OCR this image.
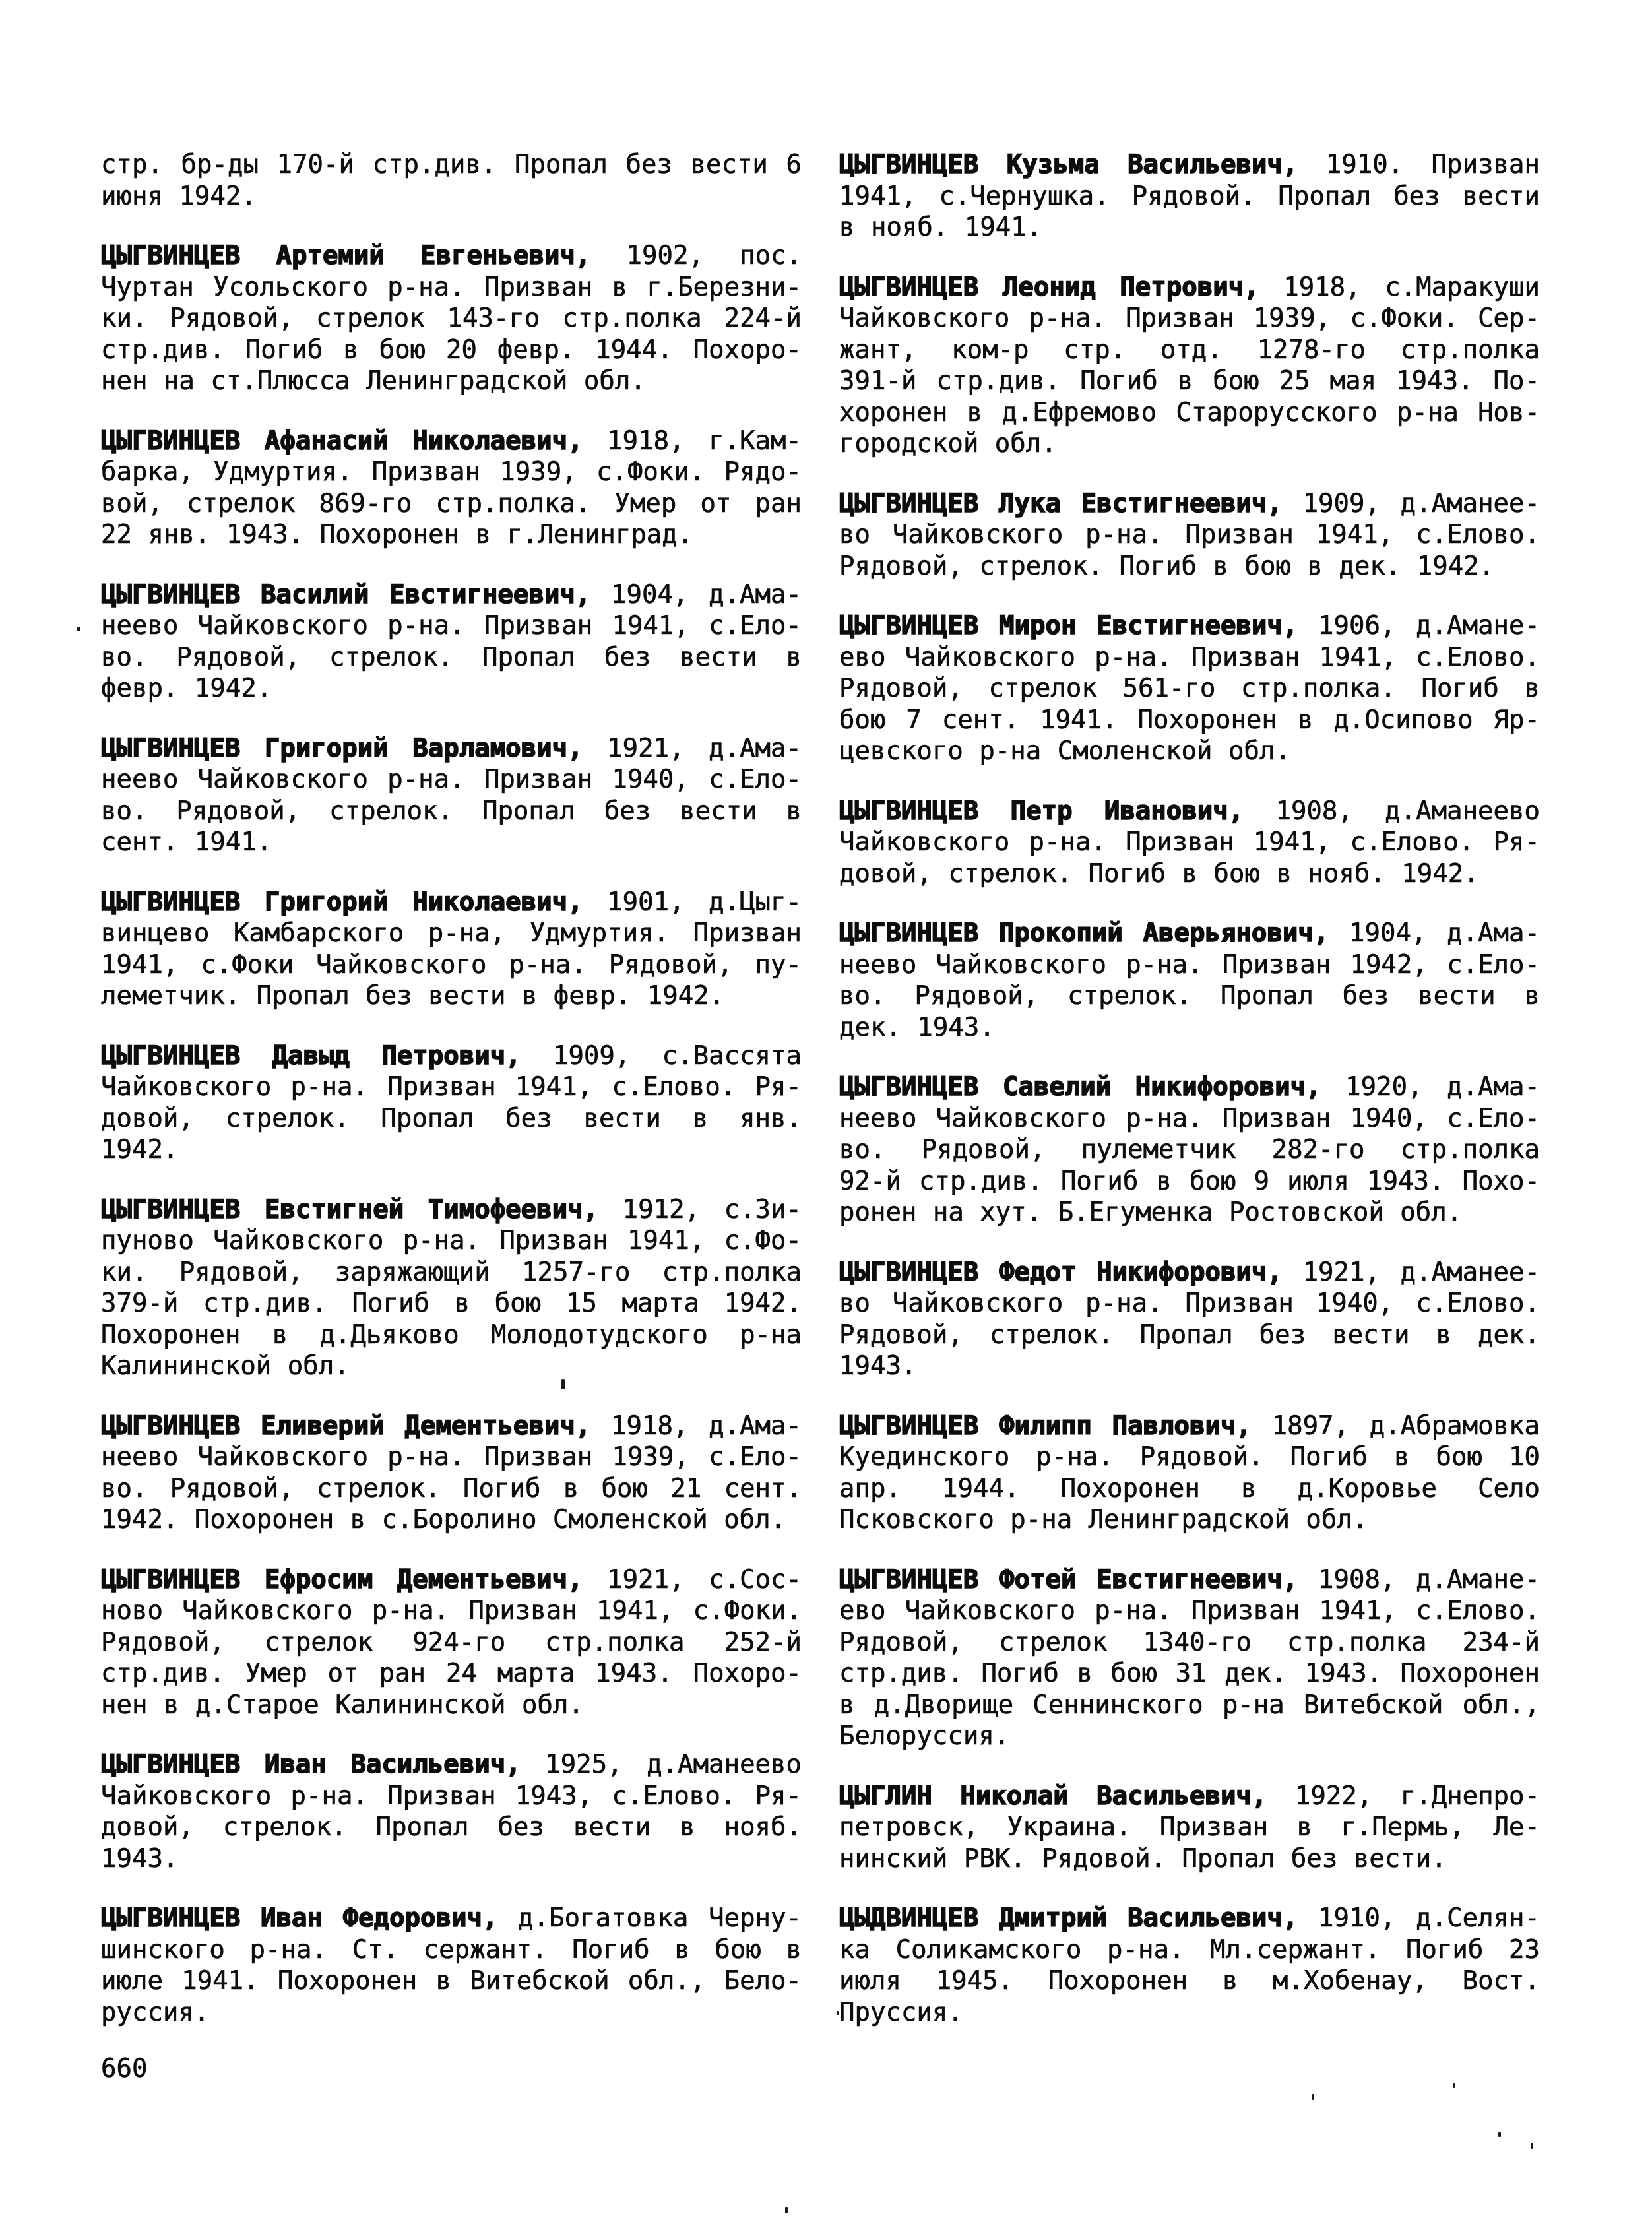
стр. бр-ды 170-й стр.див. Пропал без вести 6
июня 1942.
ЦЫГВИНЦЕВ Артемий Евгеньевич, 1902, пос.
Чуртан Усольского р-на. Призван в г.Березни-
ки. Рядовой, стрелок 143-го стр.полка 224-й
стр.див. Погиб в бою 20 февр. 1944. Похоро-
нен на ст.Плюсса Ленинградской обл.
ЦЫГВИНЦЕВ Афанасий Николаевич, 1918, г.Кам-
барка, Удмуртия. Призван 1939, с.Фоки. Рядо-
вой, стрелок 869-го стр.полка. Умер от ран
22 янв. 1943. Похоронен в г.Ленинград.
ЦЫГВИНЦЕВ Василий Евстигнеевич, 1904, д.Ама-
неево Чайковского р-на. Призван 1941, с.Ело-
во. Рядовой, стрелок. Пропал без вести в
февр. 1942.
ЦЫГВИНЦЕВ Григорий Варламович, 1921, д.Ама-
неево Чайковского р-на. Призван 1940, с.Ело-
во. Рядовой, стрелок. Пропал без вести в
сент. 1941.
ЦЫГВИНЦЕВ Григорий Николаевич, 1901, д.Цыг-
винцево Камбарского р-на, Удмуртия. Призван
1941, с.Фоки Чайковского р-на. Рядовой, пу-
леметчик. Пропал без вести в февр. 1942.
ЦЫГВИНЦЕВ Давыд Петрович, 1909, с.Вассята
Чайковского р-на. Призван 1941, с.Елово. Ря-
довой, стрелок. Пропал без вести в янв.
1942.
ЦЫГВИНЦЕВ Евстигней Тимофеевич, 1912, с.Зи-
пуново Чайковского р-на. Призван 1941, с.Фо-
ки. Рядовой, заряжающий 1257-го стр.полка
379-й стр.див. Погиб в бою 15 марта 1942.
Похоронен в д.Дьяково Молодотудского р-на
Калининской обл.
ЦЫГВИНЦЕВ Еливерий Дементьевич, 1918, д.Ама-
неево Чайковского р-на. Призван 1939, с.Ело-
во. Рядовой, стрелок. Погиб в бою 21 сент.
1942. Похоронен в с.Боролино Смоленской обл.
ЦЫГВИНЦЕВ Ефросим Дементьевич, 1921, с.Сос-
ново Чайковского р-на. Призван 1941, с.Фоки.
Рядовой, стрелок 924-го стр.полка 252-й
стр.див. Умер от ран 24 марта 1943. Похоро-
нен в д.Старое Калининской обл.
ЦЫГВИНЦЕВ Иван Васильевич, 1925, д.Аманеево
Чайковского р-на. Призван 1943, с.Елово. Ря-
довой, стрелок. Пропал без вести в нояб.
1943.
ЦЫГВИНЦЕВ Иван Федорович, д.Богатовка Черну-
шинского р-на. Ст. сержант. Погиб в бою в
июле 1941. Похоронен в Витебской обл., Бело-
руссия.
ЦЫГВИНЦЕВ Кузьма Васильевич, 1910. Призван
1941, с.Чернушка. Рядовой. Пропал без вести
в нояб. 1941.
ЦЫГВИНЦЕВ Леонид Петрович, 1918, с.Маракуши
Чайковского р-на. Призван 1939, с.Фоки. Сер-
жант, ком-р стр. отд. 1278-го стр.полка
391-й стр.див. Погиб в бою 25 мая 1943. По-
хоронен в д.Ефремово Старорусского р-на Нов-
городской обл.
ЦЫГВИНЦЕВ Лука Евстигнеевич, 1909, д.Аманее-
во Чайковского р-на. Призван 1941, с.Елово.
Рядовой, стрелок. Погиб в бою в дек. 1942.
ЦЫГВИНЦЕВ Мирон Евстигнеевич, 1906, д.Амане-
ево Чайковского р-на. Призван 1941, с.Елово.
Рядовой, стрелок 561-го стр.полка. Погиб в
бою 7 сент. 1941. Похоронен в д.Осипово Яр-
цевского р-на Смоленской обл.
ЦЫГВИНЦЕВ Петр Иванович, 1908, д.Аманеево
Чайковского р-на. Призван 1941, с.Елово. Ря-
довой, стрелок. Погиб в бою в нояб. 1942.
ЦЫГВИНЦЕВ Прокопий Аверьянович, 1904, д.Ама-
неево Чайковского р-на. Призван 1942, с.Ело-
во. Рядовой, стрелок. Пропал без вести в
дек. 1943.
ЦЫГВИНЦЕВ Савелий Никифорович, 1920, д.Ама-
неево Чайковского р-на. Призван 1940, с.Ело-
во. Рядовой, пулеметчик 282-го стр.полка
92-й стр.див. Погиб в бою 9 июля 1943. Похо-
ронен на хут. Б.Егуменка Ростовской обл.
ЦЫГВИНЦЕВ Федот Никифорович, 1921, д.Аманее-
во Чайковского р-на. Призван 1940, с.Елово.
Рядовой, стрелок. Пропал без вести в дек.
1943.
ЦЫГВИНЦЕВ Филипп Павлович, 1897, д.Абрамовка
Куединского р-на. Рядовой. Погиб в бою 10
апр. 1944. Похоронен в д.Коровье Село
Псковского р-на Ленинградской обл.
ЦЫГВИНЦЕВ Фотей Евстигнеевич, 1908, д.Амане-
ево Чайковского р-на. Призван 1941, с.Елово.
Рядовой, стрелок 1340-го стр.полка 234-й
стр.див. Погиб в бою 31 дек. 1943. Похоронен
в д.Дворище Сеннинского р-на Витебской обл.,
Белоруссия.
ЦЫГЛИН Николай Васильевич, 1922, г.Днепро-
петровск, Украина. Призван в г.Пермь, Ле-
нинский РВК. Рядовой. Пропал без вести.
ЦЫДВИНЦЕВ Дмитрий Васильевич, 1910, д.Селян-
ка Соликамского р-на. Мл.сержант. Погиб 23
июля 1945. Похоронен в м.Хобенау, Вост.
Пруссия.
660
